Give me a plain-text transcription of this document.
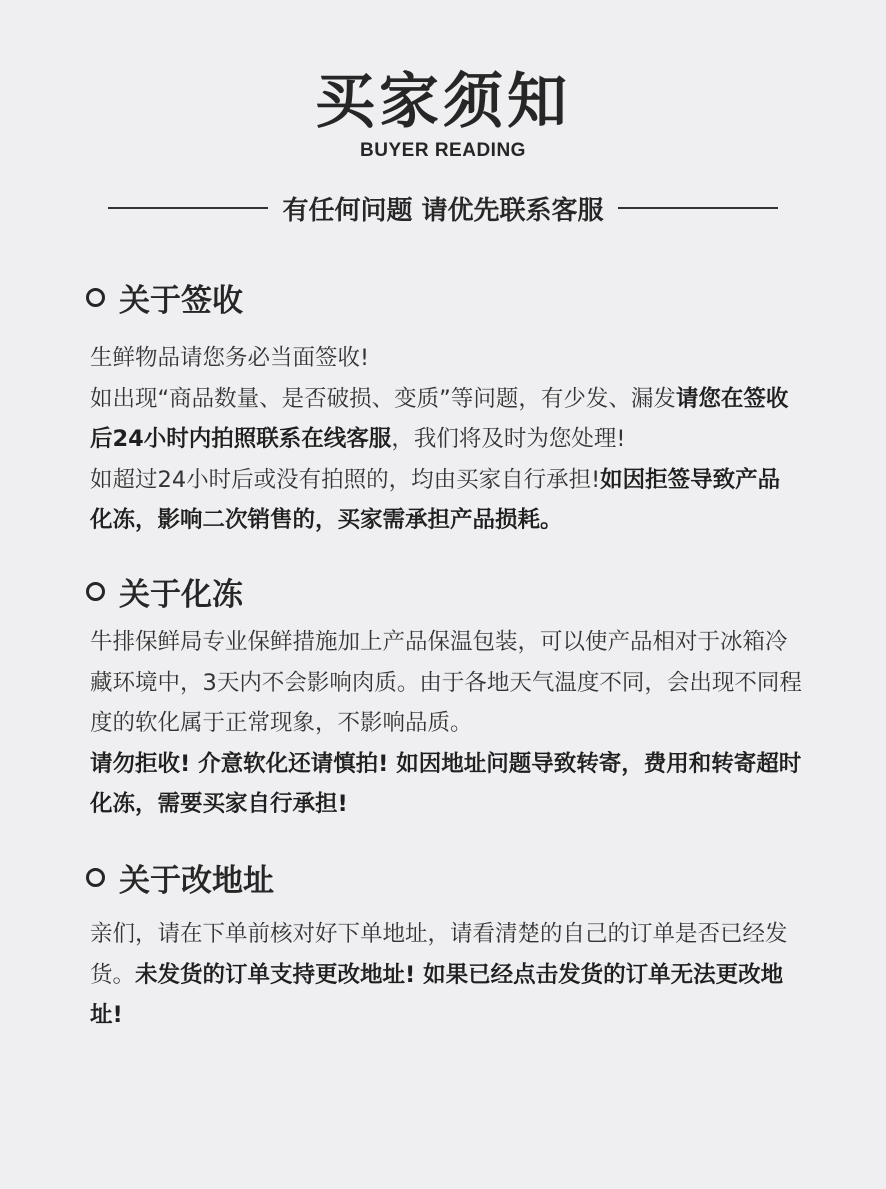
买家须知
BUYER READING
有任何问题 请优先联系客服
关于签收
生鲜物品请您务必当面签收!
如出现“商品数量、是否破损、变质”等问题，有少发、漏发请您在签收后24小时内拍照联系在线客服，我们将及时为您处理!
如超过24小时后或没有拍照的，均由买家自行承担!如因拒签导致产品化冻，影响二次销售的，买家需承担产品损耗。
关于化冻
牛排保鲜局专业保鲜措施加上产品保温包装，可以使产品相对于冰箱冷藏环境中，3天内不会影响肉质。由于各地天气温度不同，会出现不同程度的软化属于正常现象，不影响品质。
请勿拒收! 介意软化还请慎拍! 如因地址问题导致转寄，费用和转寄超时化冻，需要买家自行承担!
关于改地址
亲们，请在下单前核对好下单地址，请看清楚的自己的订单是否已经发货。未发货的订单支持更改地址! 如果已经点击发货的订单无法更改地址!
